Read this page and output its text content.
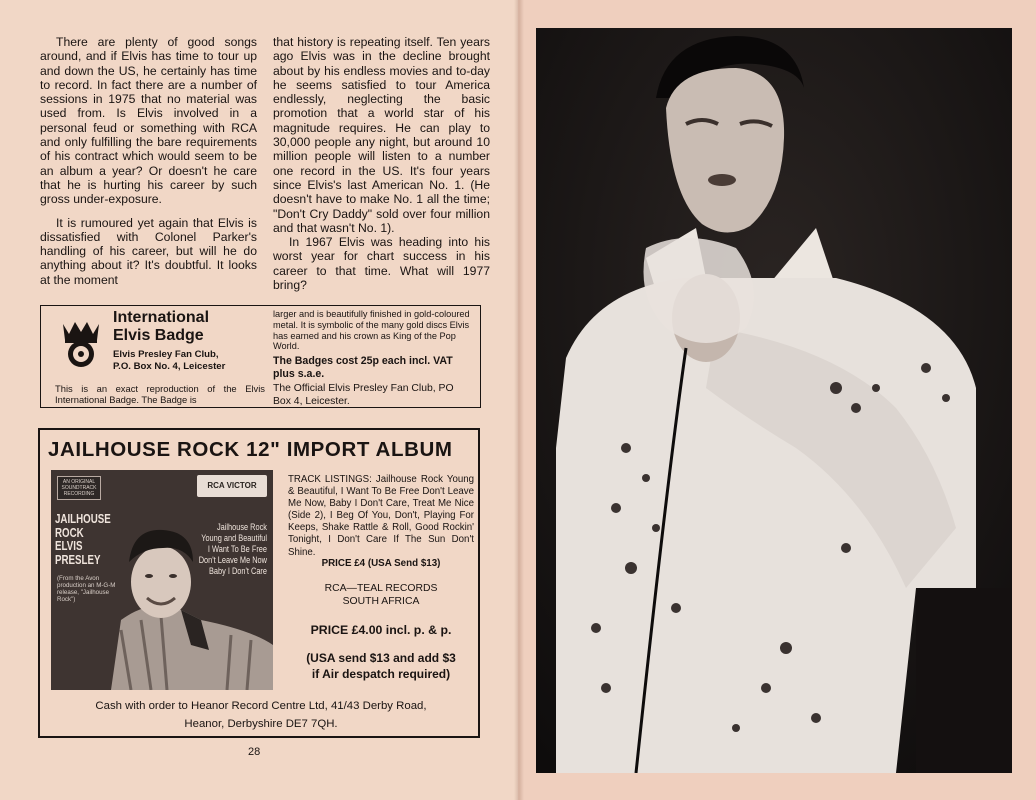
There are plenty of good songs around, and if Elvis has time to tour up and down the US, he certainly has time to record. In fact there are a number of sessions in 1975 that no material was used from. Is Elvis involved in a personal feud or something with RCA and only fulfilling the bare requirements of his contract which would seem to be an album a year? Or doesn't he care that he is hurting his career by such gross under-exposure.

It is rumoured yet again that Elvis is dissatisfied with Colonel Parker's handling of his career, but will he do anything about it? It's doubtful. It looks at the moment

that history is repeating itself. Ten years ago Elvis was in the decline brought about by his endless movies and to-day he seems satisfied to tour America endlessly, neglecting the basic promotion that a world star of his magnitude requires. He can play to 30,000 people any night, but around 10 million people will listen to a number one record in the US. It's four years since Elvis's last American No. 1. (He doesn't have to make No. 1 all the time; "Don't Cry Daddy" sold over four million and that wasn't No. 1).

In 1967 Elvis was heading into his worst year for chart success in his career to that time. What will 1977 bring?

International
Elvis Badge
Elvis Presley Fan Club,
P.O. Box No. 4, Leicester
This is an exact reproduction of the Elvis International Badge. The Badge is
larger and is beautifully finished in gold-coloured metal. It is symbolic of the many gold discs Elvis has earned and his crown as King of the Pop World.
The Badges cost 25p each incl. VAT plus s.a.e.
The Official Elvis Presley Fan Club, PO Box 4, Leicester.
JAILHOUSE ROCK 12" IMPORT ALBUM
AN ORIGINAL SOUNDTRACK RECORDING
RCA VICTOR
JAILHOUSE
ROCK
ELVIS
PRESLEY
(From the Avon production an M-G-M release, "Jailhouse Rock")
Jailhouse Rock
Young and Beautiful
I Want To Be Free
Don't Leave Me Now
Baby I Don't Care
TRACK LISTINGS: Jailhouse Rock Young & Beautiful, I Want To Be Free Don't Leave Me Now, Baby I Don't Care, Treat Me Nice (Side 2), I Beg Of You, Don't, Playing For Keeps, Shake Rattle & Roll, Good Rockin' Tonight, I Don't Care If The Sun Don't Shine.
PRICE £4 (USA Send $13)
RCA—TEAL RECORDS
SOUTH AFRICA
PRICE £4.00 incl. p. & p.
(USA send $13 and add $3
if Air despatch required)
Cash with order to Heanor Record Centre Ltd, 41/43 Derby Road,
Heanor, Derbyshire DE7 7QH.
28
